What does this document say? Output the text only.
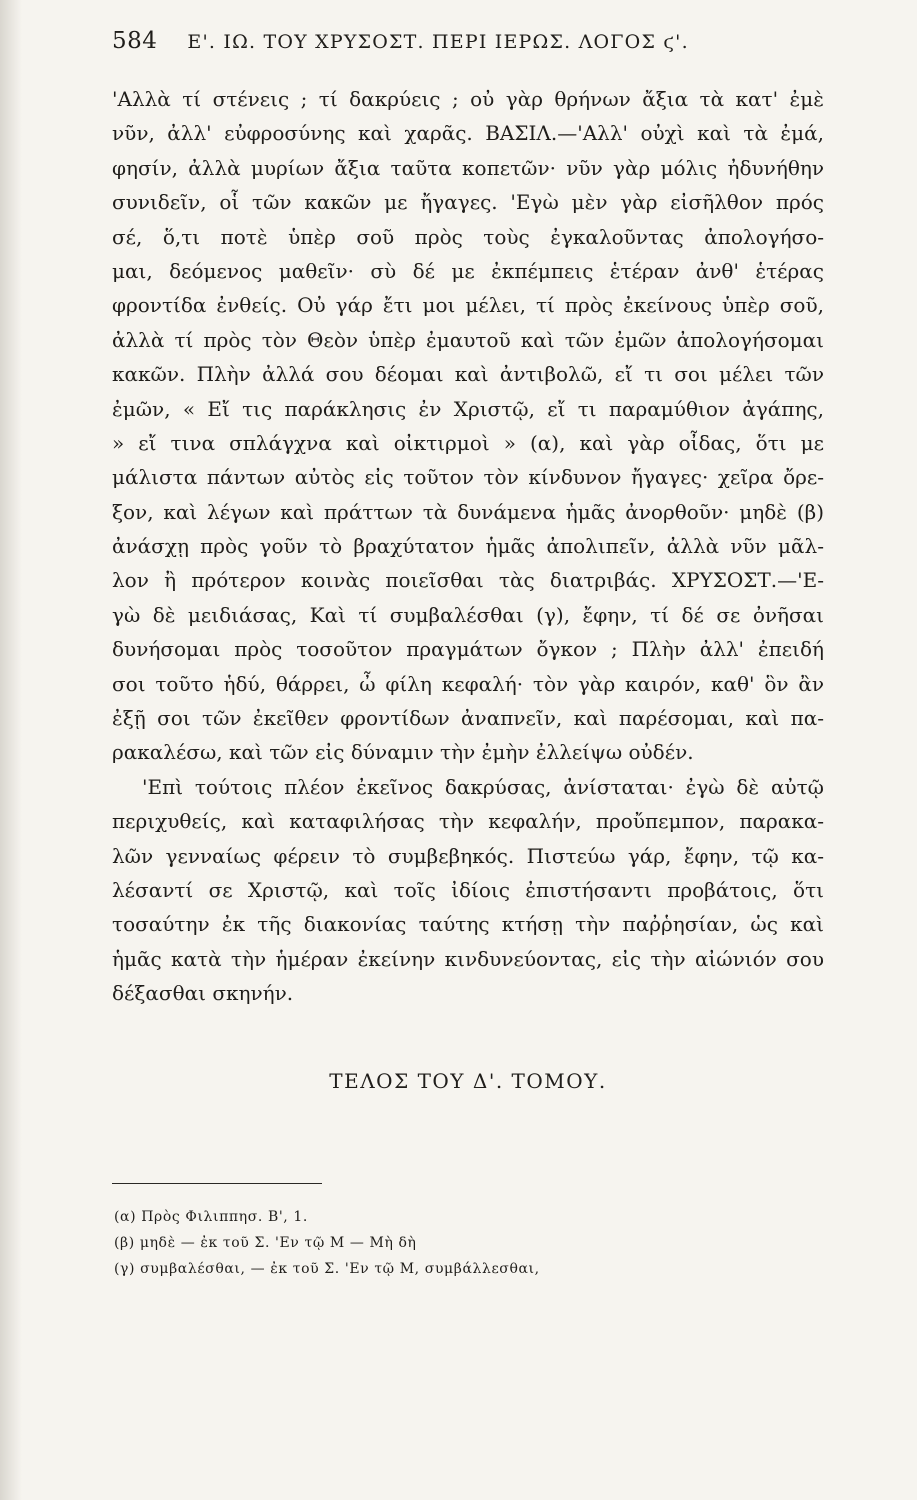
584 Ε'. ΙΩ. ΤΟΥ ΧΡΥΣΟΣΤ. ΠΕΡΙ ΙΕΡΩΣ. ΛΟΓΟΣ ϛ'.
'Αλλὰ τί στένεις ; τί δακρύεις ; οὐ γὰρ θρήνων ἄξια τὰ κατ' ἐμὲ
νῦν, ἀλλ' εὐφροσύνης καὶ χαρᾶς. ΒΑΣΙΛ.—'Αλλ' οὐχὶ καὶ τὰ ἐμά,
φησίν, ἀλλὰ μυρίων ἄξια ταῦτα κοπετῶν· νῦν γὰρ μόλις ἠδυνήθην
συνιδεῖν, οἷ τῶν κακῶν με ἤγαγες. 'Εγὼ μὲν γὰρ εἰσῆλθον πρός
σέ, ὅ,τι ποτὲ ὑπὲρ σοῦ πρὸς τοὺς ἐγκαλοῦντας ἀπολογήσο-
μαι, δεόμενος μαθεῖν· σὺ δέ με ἐκπέμπεις ἑτέραν ἀνθ' ἑτέρας
φροντίδα ἐνθείς. Οὐ γάρ ἔτι μοι μέλει, τί πρὸς ἐκείνους ὑπὲρ σοῦ,
ἀλλὰ τί πρὸς τὸν Θεὸν ὑπὲρ ἐμαυτοῦ καὶ τῶν ἐμῶν ἀπολογήσομαι
κακῶν. Πλὴν ἀλλά σου δέομαι καὶ ἀντιβολῶ, εἴ τι σοι μέλει τῶν
ἐμῶν, « Εἴ τις παράκλησις ἐν Χριστῷ, εἴ τι παραμύθιον ἀγάπης,
» εἴ τινα σπλάγχνα καὶ οἰκτιρμοὶ » (α), καὶ γὰρ οἶδας, ὅτι με
μάλιστα πάντων αὐτὸς εἰς τοῦτον τὸν κίνδυνον ἤγαγες· χεῖρα ὄρε-
ξον, καὶ λέγων καὶ πράττων τὰ δυνάμενα ἡμᾶς ἀνορθοῦν· μηδὲ (β)
ἀνάσχῃ πρὸς γοῦν τὸ βραχύτατον ἡμᾶς ἀπολιπεῖν, ἀλλὰ νῦν μᾶλ-
λον ἢ πρότερον κοινὰς ποιεῖσθαι τὰς διατριβάς. ΧΡΥΣΟΣΤ.—'Ε-
γὼ δὲ μειδιάσας, Καὶ τί συμβαλέσθαι (γ), ἔφην, τί δέ σε ὀνῆσαι
δυνήσομαι πρὸς τοσοῦτον πραγμάτων ὄγκον ; Πλὴν ἀλλ' ἐπειδή
σοι τοῦτο ἡδύ, θάρρει, ὦ φίλη κεφαλή· τὸν γὰρ καιρόν, καθ' ὃν ἂν
ἐξῇ σοι τῶν ἐκεῖθεν φροντίδων ἀναπνεῖν, καὶ παρέσομαι, καὶ πα-
ρακαλέσω, καὶ τῶν εἰς δύναμιν τὴν ἐμὴν ἐλλείψω οὐδέν.
'Επὶ τούτοις πλέον ἐκεῖνος δακρύσας, ἀνίσταται· ἐγὼ δὲ αὐτῷ
περιχυθείς, καὶ καταφιλήσας τὴν κεφαλήν, προὔπεμπον, παρακα-
λῶν γενναίως φέρειν τὸ συμβεβηκός. Πιστεύω γάρ, ἔφην, τῷ κα-
λέσαντί σε Χριστῷ, καὶ τοῖς ἰδίοις ἐπιστήσαντι προβάτοις, ὅτι
τοσαύτην ἐκ τῆς διακονίας ταύτης κτήσῃ τὴν παῤῥησίαν, ὡς καὶ
ἡμᾶς κατὰ τὴν ἡμέραν ἐκείνην κινδυνεύοντας, εἰς τὴν αἰώνιόν σου
δέξασθαι σκηνήν.
ΤΕΛΟΣ ΤΟΥ Δ'. ΤΟΜΟΥ.
(α) Πρὸς Φιλιππησ. Β', 1.
(β) μηδὲ — ἐκ τοῦ Σ. 'Εν τῷ Μ — Μὴ δὴ
(γ) συμβαλέσθαι, — ἐκ τοῦ Σ. 'Εν τῷ Μ, συμβάλλεσθαι,
